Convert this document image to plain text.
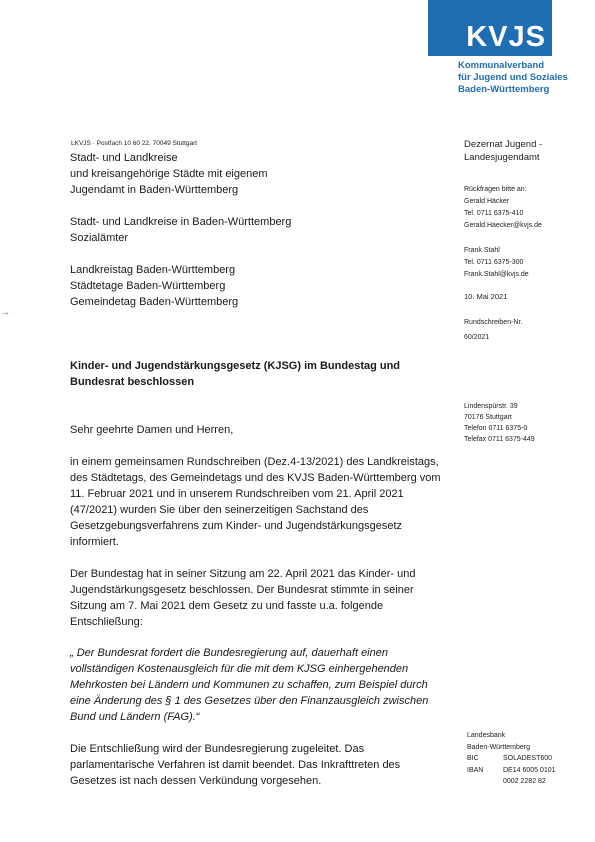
KVJS
Kommunalverband
für Jugend und Soziales
Baden-Württemberg
LKVJS · Postfach 10 60 22, 70049 Stuttgart
Stadt- und Landkreise
und kreisangehörige Städte mit eigenem
Jugendamt in Baden-Württemberg
Stadt- und Landkreise in Baden-Württemberg
Sozialämter
Landkreistag Baden-Württemberg
Städtetage Baden-Württemberg
Gemeindetag Baden-Württemberg
→
Dezernat Jugend -
Landesjugendamt
Rückfragen bitte an:
Gerald Häcker
Tel. 0711 6375-410
Gerald.Haecker@kvjs.de
Frank Stahl
Tel. 0711 6375-300
Frank.Stahl@kvjs.de
10. Mai 2021
Rundschreiben-Nr.
60/2021
Lindenspürstr. 39
70176 Stuttgart
Telefon 0711 6375-0
Telefax 0711 6375-449
Kinder- und Jugendstärkungsgesetz (KJSG) im Bundestag und
Bundesrat beschlossen
Sehr geehrte Damen und Herren,
in einem gemeinsamen Rundschreiben (Dez.4-13/2021) des Landkreistags,
des Städtetags, des Gemeindetags und des KVJS Baden-Württemberg vom
11. Februar 2021 und in unserem Rundschreiben vom 21. April 2021
(47/2021) wurden Sie über den seinerzeitigen Sachstand des
Gesetzgebungsverfahrens zum Kinder- und Jugendstärkungsgesetz
informiert.
Der Bundestag hat in seiner Sitzung am 22. April 2021 das Kinder- und
Jugendstärkungsgesetz beschlossen. Der Bundesrat stimmte in seiner
Sitzung am 7. Mai 2021 dem Gesetz zu und fasste u.a. folgende
Entschließung:
„ Der Bundesrat fordert die Bundesregierung auf, dauerhaft einen
vollständigen Kostenausgleich für die mit dem KJSG einhergehenden
Mehrkosten bei Ländern und Kommunen zu schaffen, zum Beispiel durch
eine Änderung des § 1 des Gesetzes über den Finanzausgleich zwischen
Bund und Ländern (FAG).“
Die Entschließung wird der Bundesregierung zugeleitet. Das
parlamentarische Verfahren ist damit beendet. Das Inkrafttreten des
Gesetzes ist nach dessen Verkündung vorgesehen.
Landesbank
Baden-Württemberg
BIC	SOLADEST600
IBAN	DE14 6005 0101
0002 2282 82
